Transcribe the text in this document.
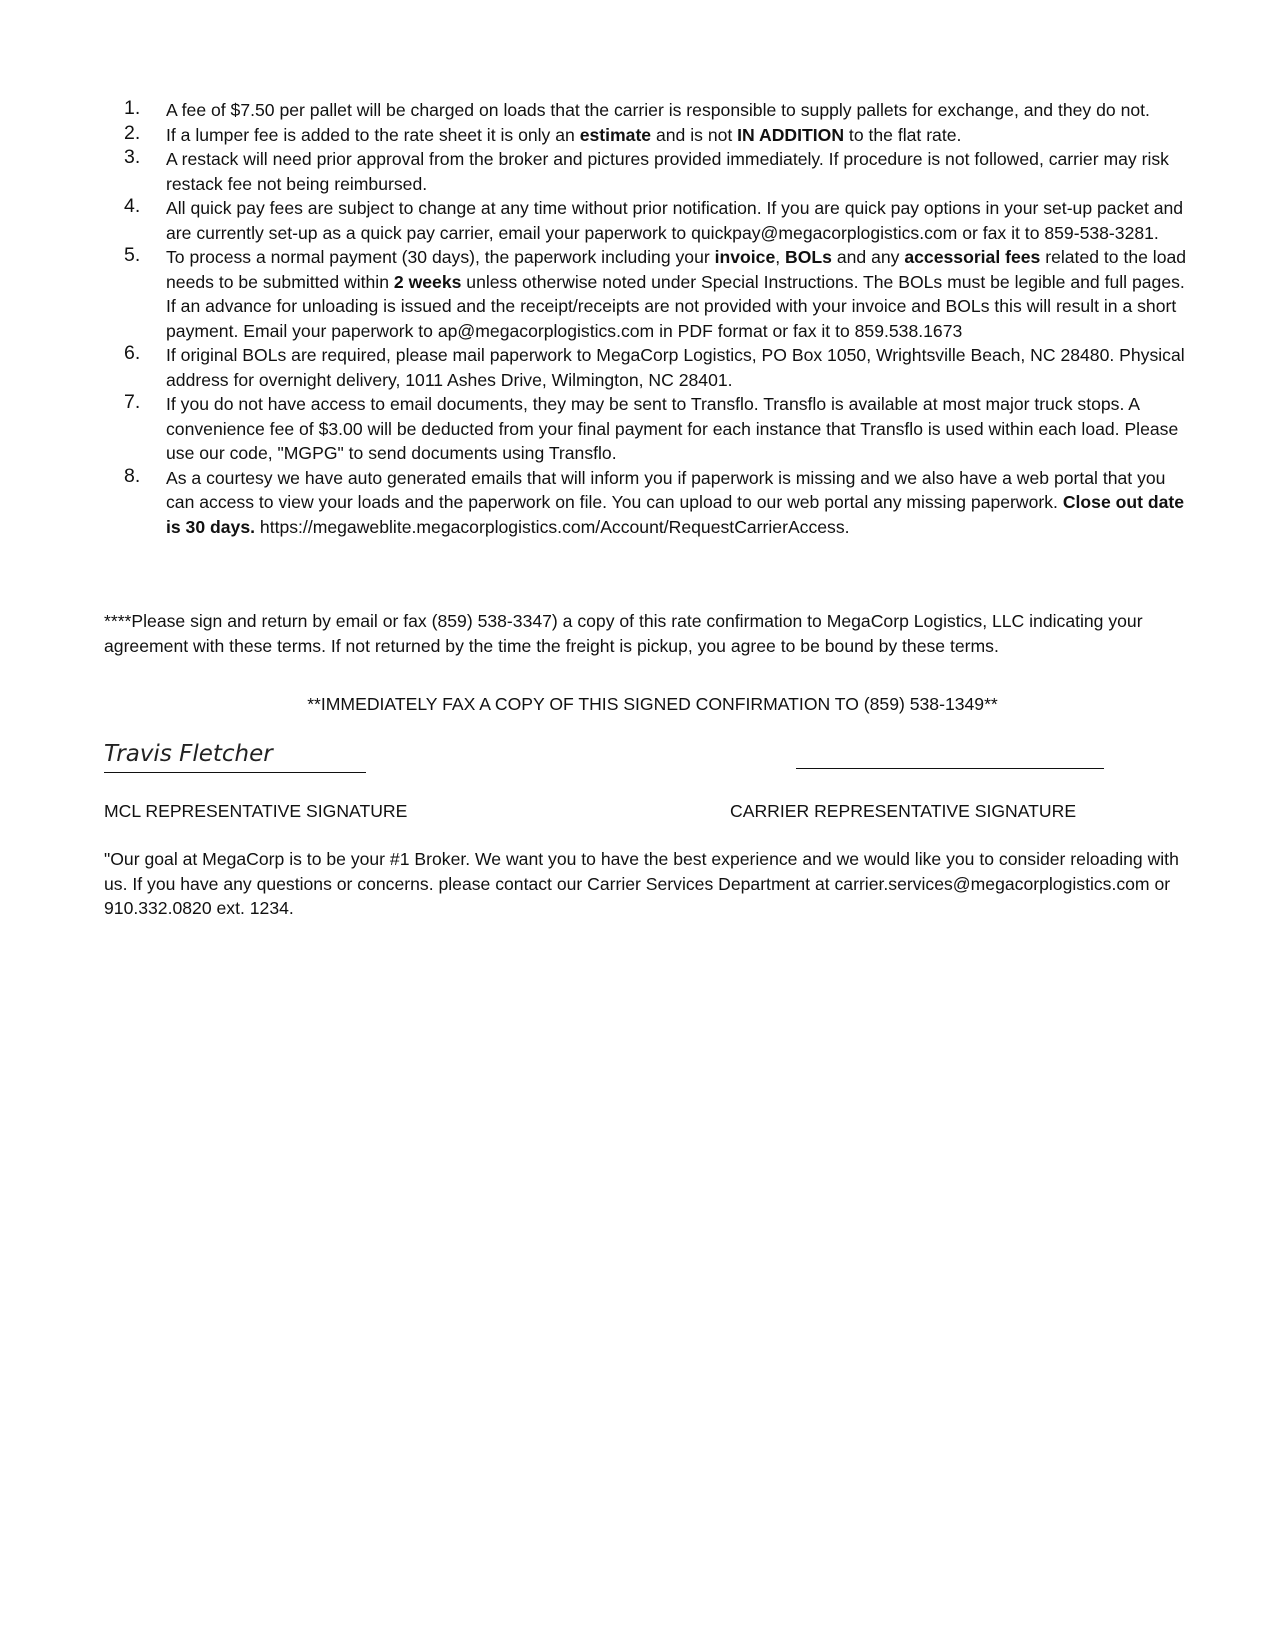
1. A fee of $7.50 per pallet will be charged on loads that the carrier is responsible to supply pallets for exchange, and they do not.
2. If a lumper fee is added to the rate sheet it is only an estimate and is not IN ADDITION to the flat rate.
3. A restack will need prior approval from the broker and pictures provided immediately. If procedure is not followed, carrier may risk restack fee not being reimbursed.
4. All quick pay fees are subject to change at any time without prior notification. If you are quick pay options in your set-up packet and are currently set-up as a quick pay carrier, email your paperwork to quickpay@megacorplogistics.com or fax it to 859-538-3281.
5. To process a normal payment (30 days), the paperwork including your invoice, BOLs and any accessorial fees related to the load needs to be submitted within 2 weeks unless otherwise noted under Special Instructions. The BOLs must be legible and full pages. If an advance for unloading is issued and the receipt/receipts are not provided with your invoice and BOLs this will result in a short payment. Email your paperwork to ap@megacorplogistics.com in PDF format or fax it to 859.538.1673
6. If original BOLs are required, please mail paperwork to MegaCorp Logistics, PO Box 1050, Wrightsville Beach, NC 28480. Physical address for overnight delivery, 1011 Ashes Drive, Wilmington, NC 28401.
7. If you do not have access to email documents, they may be sent to Transflo. Transflo is available at most major truck stops. A convenience fee of $3.00 will be deducted from your final payment for each instance that Transflo is used within each load. Please use our code, "MGPG" to send documents using Transflo.
8. As a courtesy we have auto generated emails that will inform you if paperwork is missing and we also have a web portal that you can access to view your loads and the paperwork on file. You can upload to our web portal any missing paperwork. Close out date is 30 days. https://megaweblite.megacorplogistics.com/Account/RequestCarrierAccess.

****Please sign and return by email or fax (859) 538-3347) a copy of this rate confirmation to MegaCorp Logistics, LLC indicating your agreement with these terms. If not returned by the time the freight is pickup, you agree to be bound by these terms.

**IMMEDIATELY FAX A COPY OF THIS SIGNED CONFIRMATION TO (859) 538-1349**
Travis Fletcher
MCL REPRESENTATIVE SIGNATURE	CARRIER REPRESENTATIVE SIGNATURE

"Our goal at MegaCorp is to be your #1 Broker. We want you to have the best experience and we would like you to consider reloading with us. If you have any questions or concerns. please contact our Carrier Services Department at carrier.services@megacorplogistics.com or 910.332.0820 ext. 1234.
